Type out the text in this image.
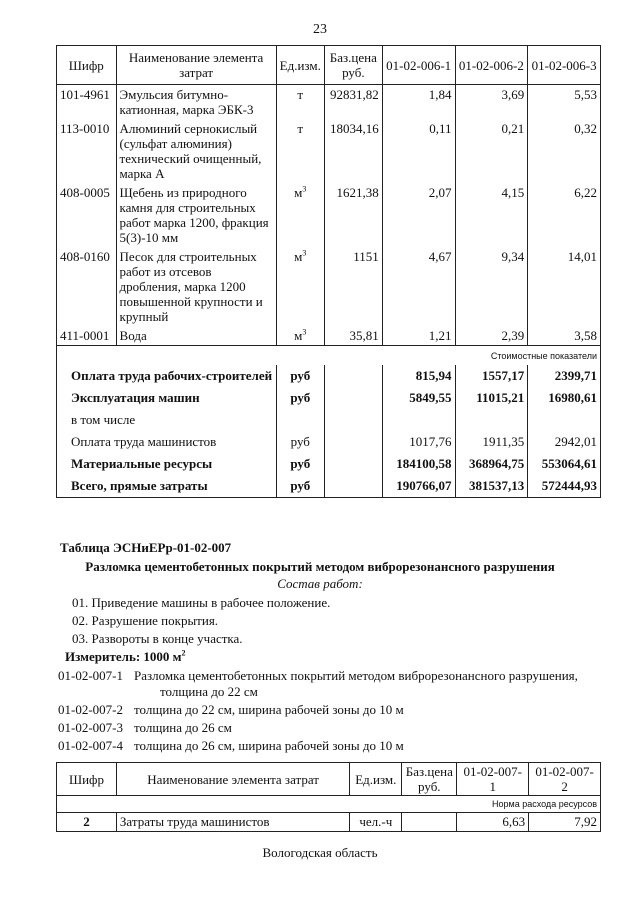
23
Шифр	Наименование элемента затрат	Ед.изм.	Баз.цена руб.	01-02-006-1	01-02-006-2	01-02-006-3
101-4961	Эмульсия битумно-катионная, марка ЭБК-3	т	92831,82	1,84	3,69	5,53
113-0010	Алюминий сернокислый (сульфат алюминия) технический очищенный, марка А	т	18034,16	0,11	0,21	0,32
408-0005	Щебень из природного камня для строительных работ марка 1200, фракция 5(3)-10 мм	$м^3$	1621,38	2,07	4,15	6,22
408-0160	Песок для строительных работ из отсевов дробления, марка 1200 повышенной крупности и крупный	$м^3$	1151	4,67	9,34	14,01
411-0001	Вода	$м^3$	35,81	1,21	2,39	3,58
Стоимостные показатели						
Оплата труда рабочих-строителей		руб		815,94	1557,17	2399,71
Эксплуатация машин		руб		5849,55	11015,21	16980,61
в том числе						
Оплата труда машинистов		руб		1017,76	1911,35	2942,01
Материальные ресурсы		руб		184100,58	368964,75	553064,61
Всего, прямые затраты		руб		190766,07	381537,13	572444,93
Таблица ЭСНиЕРр-01-02-007
Разломка цементобетонных покрытий методом виброрезонансного разрушения
Состав работ:
01. Приведение машины в рабочее положение.
02. Разрушение покрытия.
03. Развороты в конце участка.
Измеритель: 1000 $м^2$
01-02-007-1 Разломка цементобетонных покрытий методом виброрезонансного разрушения,
толщина до 22 см
01-02-007-2 толщина до 22 см, ширина рабочей зоны до 10 м
01-02-007-3 толщина до 26 см
01-02-007-4 толщина до 26 см, ширина рабочей зоны до 10 м
Шифр	Наименование элемента затрат	Ед.изм.	Баз.цена руб.	01-02-007-1	01-02-007-2
Норма расхода ресурсов					
2	Затраты труда машинистов	чел.-ч		6,63	7,92
Вологодская область
